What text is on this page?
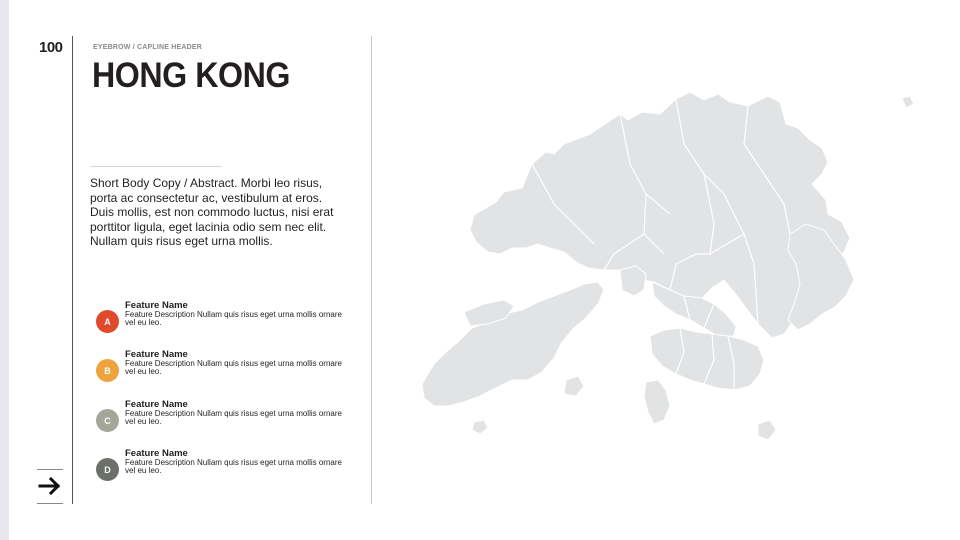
100	EYEBROW / CAPLINE HEADER
HONG KONG
Short Body Copy / Abstract. Morbi leo risus, porta ac consectetur ac, vestibulum at eros. Duis mollis, est non commodo luctus, nisi erat porttitor ligula, eget lacinia odio sem nec elit. Nullam quis risus eget urna mollis.
A
Feature Name
Feature Description Nullam quis risus eget urna mollis ornare vel eu leo.
B
Feature Name
Feature Description Nullam quis risus eget urna mollis ornare vel eu leo.
C
Feature Name
Feature Description Nullam quis risus eget urna mollis ornare vel eu leo.
D
Feature Name
Feature Description Nullam quis risus eget urna mollis ornare vel eu leo.
